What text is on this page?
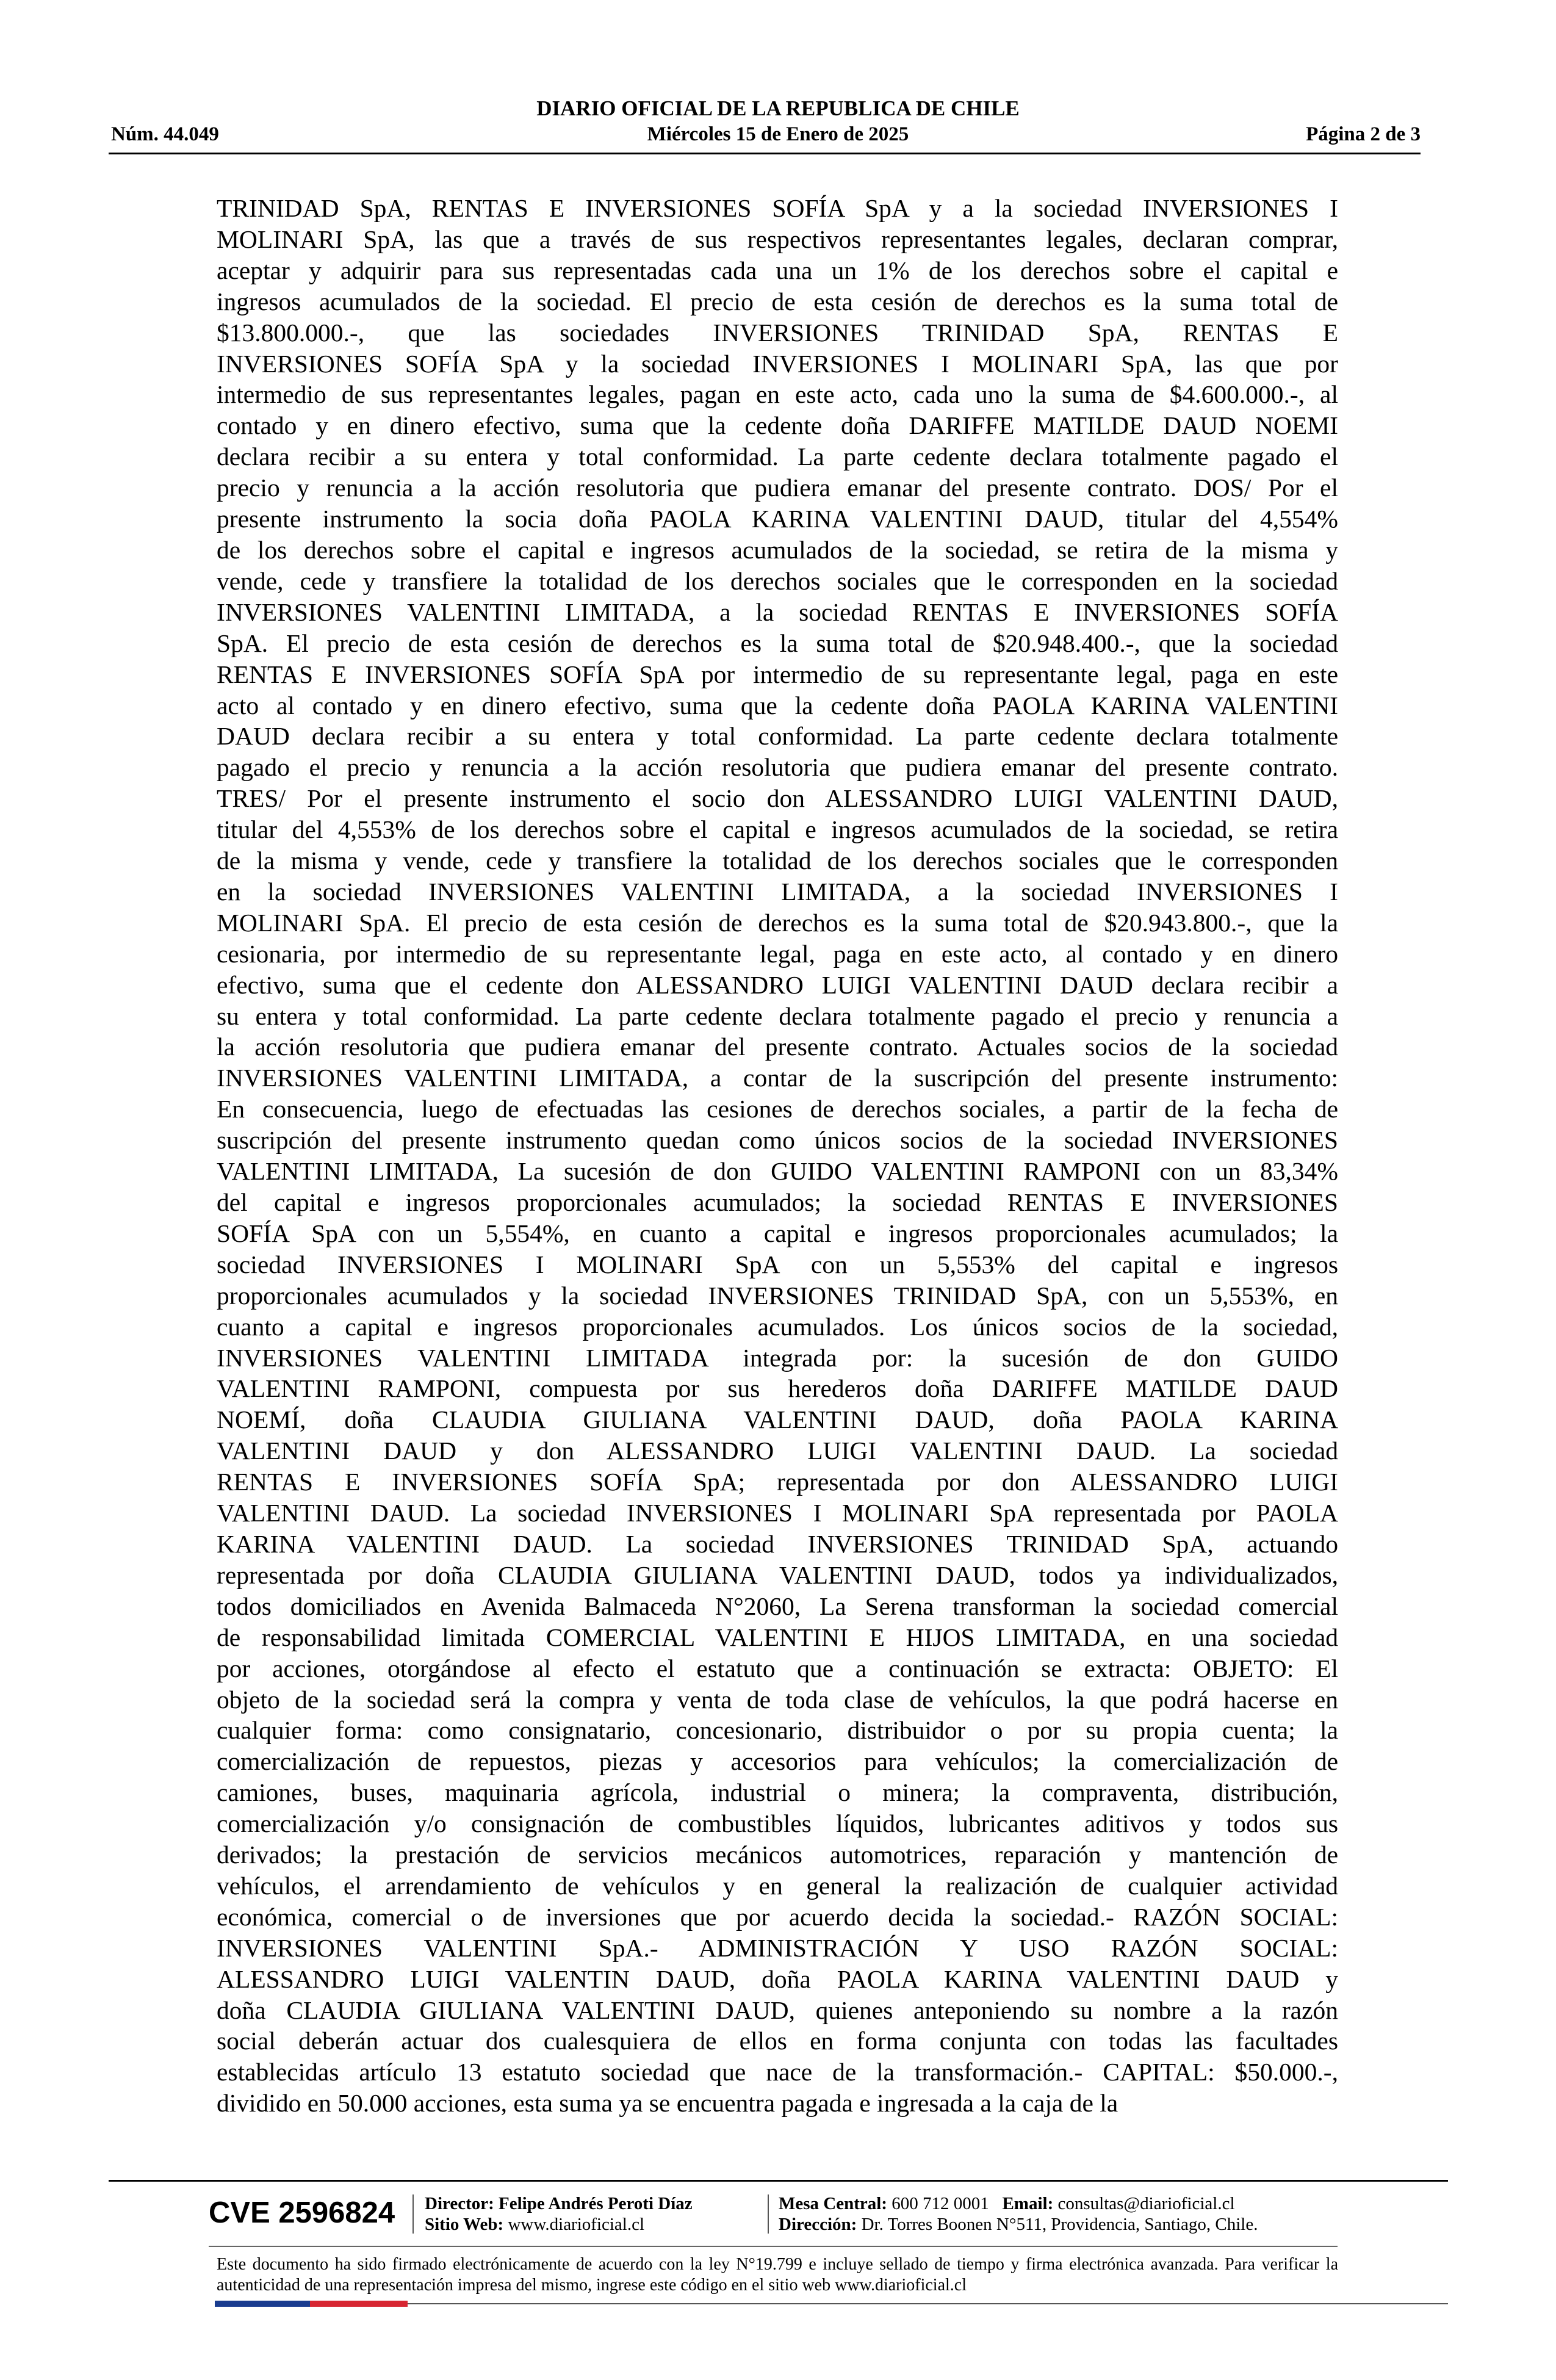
DIARIO OFICIAL DE LA REPUBLICA DE CHILE
Núm. 44.049	Miércoles 15 de Enero de 2025	Página 2 de 3
TRINIDAD SpA, RENTAS E INVERSIONES SOFÍA SpA y a la sociedad INVERSIONES I
MOLINARI SpA, las que a través de sus respectivos representantes legales, declaran comprar,
aceptar y adquirir para sus representadas cada una un 1% de los derechos sobre el capital e
ingresos acumulados de la sociedad. El precio de esta cesión de derechos es la suma total de
$13.800.000.-, que las sociedades INVERSIONES TRINIDAD SpA, RENTAS E
INVERSIONES SOFÍA SpA y la sociedad INVERSIONES I MOLINARI SpA, las que por
intermedio de sus representantes legales, pagan en este acto, cada uno la suma de $4.600.000.-, al
contado y en dinero efectivo, suma que la cedente doña DARIFFE MATILDE DAUD NOEMI
declara recibir a su entera y total conformidad. La parte cedente declara totalmente pagado el
precio y renuncia a la acción resolutoria que pudiera emanar del presente contrato. DOS/ Por el
presente instrumento la socia doña PAOLA KARINA VALENTINI DAUD, titular del 4,554%
de los derechos sobre el capital e ingresos acumulados de la sociedad, se retira de la misma y
vende, cede y transfiere la totalidad de los derechos sociales que le corresponden en la sociedad
INVERSIONES VALENTINI LIMITADA, a la sociedad RENTAS E INVERSIONES SOFÍA
SpA. El precio de esta cesión de derechos es la suma total de $20.948.400.-, que la sociedad
RENTAS E INVERSIONES SOFÍA SpA por intermedio de su representante legal, paga en este
acto al contado y en dinero efectivo, suma que la cedente doña PAOLA KARINA VALENTINI
DAUD declara recibir a su entera y total conformidad. La parte cedente declara totalmente
pagado el precio y renuncia a la acción resolutoria que pudiera emanar del presente contrato.
TRES/ Por el presente instrumento el socio don ALESSANDRO LUIGI VALENTINI DAUD,
titular del 4,553% de los derechos sobre el capital e ingresos acumulados de la sociedad, se retira
de la misma y vende, cede y transfiere la totalidad de los derechos sociales que le corresponden
en la sociedad INVERSIONES VALENTINI LIMITADA, a la sociedad INVERSIONES I
MOLINARI SpA. El precio de esta cesión de derechos es la suma total de $20.943.800.-, que la
cesionaria, por intermedio de su representante legal, paga en este acto, al contado y en dinero
efectivo, suma que el cedente don ALESSANDRO LUIGI VALENTINI DAUD declara recibir a
su entera y total conformidad. La parte cedente declara totalmente pagado el precio y renuncia a
la acción resolutoria que pudiera emanar del presente contrato. Actuales socios de la sociedad
INVERSIONES VALENTINI LIMITADA, a contar de la suscripción del presente instrumento:
En consecuencia, luego de efectuadas las cesiones de derechos sociales, a partir de la fecha de
suscripción del presente instrumento quedan como únicos socios de la sociedad INVERSIONES
VALENTINI LIMITADA, La sucesión de don GUIDO VALENTINI RAMPONI con un 83,34%
del capital e ingresos proporcionales acumulados; la sociedad RENTAS E INVERSIONES
SOFÍA SpA con un 5,554%, en cuanto a capital e ingresos proporcionales acumulados; la
sociedad INVERSIONES I MOLINARI SpA con un 5,553% del capital e ingresos
proporcionales acumulados y la sociedad INVERSIONES TRINIDAD SpA, con un 5,553%, en
cuanto a capital e ingresos proporcionales acumulados. Los únicos socios de la sociedad,
INVERSIONES VALENTINI LIMITADA integrada por: la sucesión de don GUIDO
VALENTINI RAMPONI, compuesta por sus herederos doña DARIFFE MATILDE DAUD
NOEMÍ, doña CLAUDIA GIULIANA VALENTINI DAUD, doña PAOLA KARINA
VALENTINI DAUD y don ALESSANDRO LUIGI VALENTINI DAUD. La sociedad
RENTAS E INVERSIONES SOFÍA SpA; representada por don ALESSANDRO LUIGI
VALENTINI DAUD. La sociedad INVERSIONES I MOLINARI SpA representada por PAOLA
KARINA VALENTINI DAUD. La sociedad INVERSIONES TRINIDAD SpA, actuando
representada por doña CLAUDIA GIULIANA VALENTINI DAUD, todos ya individualizados,
todos domiciliados en Avenida Balmaceda N°2060, La Serena transforman la sociedad comercial
de responsabilidad limitada COMERCIAL VALENTINI E HIJOS LIMITADA, en una sociedad
por acciones, otorgándose al efecto el estatuto que a continuación se extracta: OBJETO: El
objeto de la sociedad será la compra y venta de toda clase de vehículos, la que podrá hacerse en
cualquier forma: como consignatario, concesionario, distribuidor o por su propia cuenta; la
comercialización de repuestos, piezas y accesorios para vehículos; la comercialización de
camiones, buses, maquinaria agrícola, industrial o minera; la compraventa, distribución,
comercialización y/o consignación de combustibles líquidos, lubricantes aditivos y todos sus
derivados; la prestación de servicios mecánicos automotrices, reparación y mantención de
vehículos, el arrendamiento de vehículos y en general la realización de cualquier actividad
económica, comercial o de inversiones que por acuerdo decida la sociedad.- RAZÓN SOCIAL:
INVERSIONES VALENTINI SpA.- ADMINISTRACIÓN Y USO RAZÓN SOCIAL:
ALESSANDRO LUIGI VALENTIN DAUD, doña PAOLA KARINA VALENTINI DAUD y
doña CLAUDIA GIULIANA VALENTINI DAUD, quienes anteponiendo su nombre a la razón
social deberán actuar dos cualesquiera de ellos en forma conjunta con todas las facultades
establecidas artículo 13 estatuto sociedad que nace de la transformación.- CAPITAL: $50.000.-,
dividido en 50.000 acciones, esta suma ya se encuentra pagada e ingresada a la caja de la
CVE 2596824 Director: Felipe Andrés Peroti Díaz
Sitio Web: www.diarioficial.cl
Mesa Central: 600 712 0001 Email: consultas@diarioficial.cl
Dirección: Dr. Torres Boonen N°511, Providencia, Santiago, Chile.
Este documento ha sido firmado electrónicamente de acuerdo con la ley N°19.799 e incluye sellado de tiempo y firma electrónica avanzada. Para verificar la autenticidad de una representación impresa del mismo, ingrese este código en el sitio web www.diarioficial.cl
